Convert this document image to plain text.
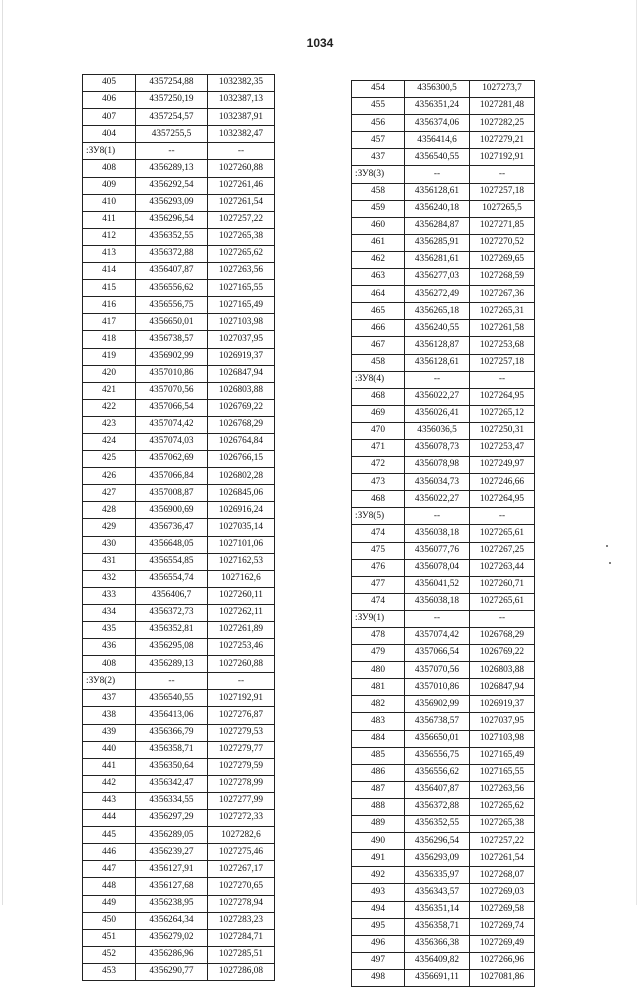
1034
405	4357254,88	1032382,35
406	4357250,19	1032387,13
407	4357254,57	1032387,91
404	4357255,5	1032382,47
:ЗУ8(1)	--	--
408	4356289,13	1027260,88
409	4356292,54	1027261,46
410	4356293,09	1027261,54
411	4356296,54	1027257,22
412	4356352,55	1027265,38
413	4356372,88	1027265,62
414	4356407,87	1027263,56
415	4356556,62	1027165,55
416	4356556,75	1027165,49
417	4356650,01	1027103,98
418	4356738,57	1027037,95
419	4356902,99	1026919,37
420	4357010,86	1026847,94
421	4357070,56	1026803,88
422	4357066,54	1026769,22
423	4357074,42	1026768,29
424	4357074,03	1026764,84
425	4357062,69	1026766,15
426	4357066,84	1026802,28
427	4357008,87	1026845,06
428	4356900,69	1026916,24
429	4356736,47	1027035,14
430	4356648,05	1027101,06
431	4356554,85	1027162,53
432	4356554,74	1027162,6
433	4356406,7	1027260,11
434	4356372,73	1027262,11
435	4356352,81	1027261,89
436	4356295,08	1027253,46
408	4356289,13	1027260,88
:ЗУ8(2)	--	--
437	4356540,55	1027192,91
438	4356413,06	1027276,87
439	4356366,79	1027279,53
440	4356358,71	1027279,77
441	4356350,64	1027279,59
442	4356342,47	1027278,99
443	4356334,55	1027277,99
444	4356297,29	1027272,33
445	4356289,05	1027282,6
446	4356239,27	1027275,46
447	4356127,91	1027267,17
448	4356127,68	1027270,65
449	4356238,95	1027278,94
450	4356264,34	1027283,23
451	4356279,02	1027284,71
452	4356286,96	1027285,51
453	4356290,77	1027286,08
454	4356300,5	1027273,7
455	4356351,24	1027281,48
456	4356374,06	1027282,25
457	4356414,6	1027279,21
437	4356540,55	1027192,91
:ЗУ8(3)	--	--
458	4356128,61	1027257,18
459	4356240,18	1027265,5
460	4356284,87	1027271,85
461	4356285,91	1027270,52
462	4356281,61	1027269,65
463	4356277,03	1027268,59
464	4356272,49	1027267,36
465	4356265,18	1027265,31
466	4356240,55	1027261,58
467	4356128,87	1027253,68
458	4356128,61	1027257,18
:ЗУ8(4)	--	--
468	4356022,27	1027264,95
469	4356026,41	1027265,12
470	4356036,5	1027250,31
471	4356078,73	1027253,47
472	4356078,98	1027249,97
473	4356034,73	1027246,66
468	4356022,27	1027264,95
:ЗУ8(5)	--	--
474	4356038,18	1027265,61
475	4356077,76	1027267,25
476	4356078,04	1027263,44
477	4356041,52	1027260,71
474	4356038,18	1027265,61
:ЗУ9(1)	--	--
478	4357074,42	1026768,29
479	4357066,54	1026769,22
480	4357070,56	1026803,88
481	4357010,86	1026847,94
482	4356902,99	1026919,37
483	4356738,57	1027037,95
484	4356650,01	1027103,98
485	4356556,75	1027165,49
486	4356556,62	1027165,55
487	4356407,87	1027263,56
488	4356372,88	1027265,62
489	4356352,55	1027265,38
490	4356296,54	1027257,22
491	4356293,09	1027261,54
492	4356335,97	1027268,07
493	4356343,57	1027269,03
494	4356351,14	1027269,58
495	4356358,71	1027269,74
496	4356366,38	1027269,49
497	4356409,82	1027266,96
498	4356691,11	1027081,86
